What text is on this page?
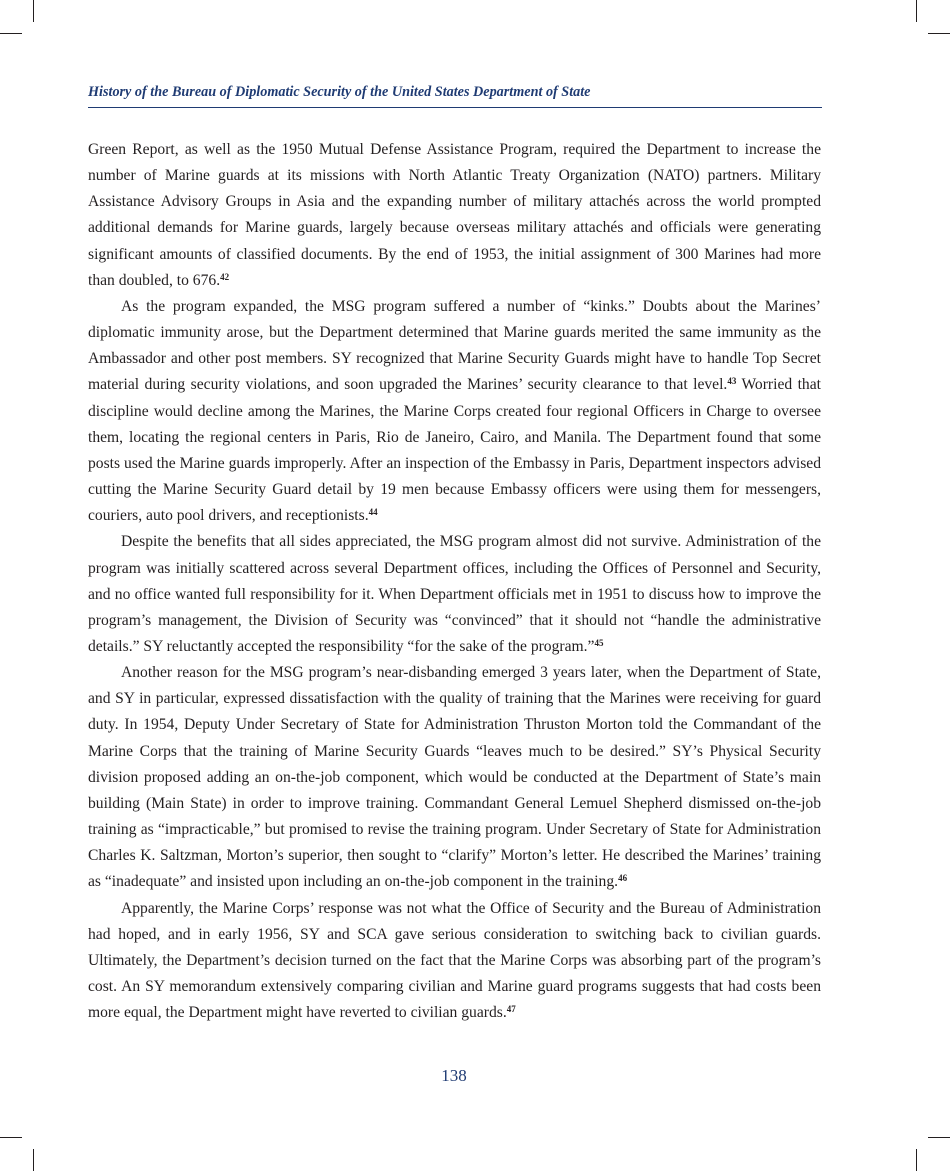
History of the Bureau of Diplomatic Security of the United States Department of State

Green Report, as well as the 1950 Mutual Defense Assistance Program, required the Department to increase the number of Marine guards at its missions with North Atlantic Treaty Organization (NATO) partners. Military Assistance Advisory Groups in Asia and the expanding number of military attachés across the world prompted additional demands for Marine guards, largely because overseas military attachés and officials were generating significant amounts of classified documents. By the end of 1953, the initial assignment of 300 Marines had more than doubled, to 676.42

As the program expanded, the MSG program suffered a number of “kinks.” Doubts about the Marines’ diplomatic immunity arose, but the Department determined that Marine guards merited the same immunity as the Ambassador and other post members. SY recognized that Marine Security Guards might have to handle Top Secret material during security violations, and soon upgraded the Marines’ security clearance to that level.$^{43}$ Worried that discipline would decline among the Marines, the Marine Corps created four regional Officers in Charge to oversee them, locating the regional centers in Paris, Rio de Janeiro, Cairo, and Manila. The Department found that some posts used the Marine guards improperly. After an inspection of the Embassy in Paris, Department inspectors advised cutting the Marine Security Guard detail by 19 men because Embassy officers were using them for messengers, couriers, auto pool drivers, and receptionists.$^{44}$

Despite the benefits that all sides appreciated, the MSG program almost did not survive. Administration of the program was initially scattered across several Department offices, including the Offices of Personnel and Security, and no office wanted full responsibility for it. When Department officials met in 1951 to discuss how to improve the program’s management, the Division of Security was “convinced” that it should not “handle the administrative details.” SY reluctantly accepted the responsibility “for the sake of the program.”$^{45}$

Another reason for the MSG program’s near-disbanding emerged 3 years later, when the Department of State, and SY in particular, expressed dissatisfaction with the quality of training that the Marines were receiving for guard duty. In 1954, Deputy Under Secretary of State for Administration Thruston Morton told the Commandant of the Marine Corps that the training of Marine Security Guards “leaves much to be desired.” SY’s Physical Security division proposed adding an on-the-job component, which would be conducted at the Department of State’s main building (Main State) in order to improve training. Commandant General Lemuel Shepherd dismissed on-the-job training as “impracticable,” but promised to revise the training program. Under Secretary of State for Administration Charles K. Saltzman, Morton’s superior, then sought to “clarify” Morton’s letter. He described the Marines’ training as “inadequate” and insisted upon including an on-the-job component in the training.$^{46}$

Apparently, the Marine Corps’ response was not what the Office of Security and the Bureau of Administration had hoped, and in early 1956, SY and SCA gave serious consideration to switching back to civilian guards. Ultimately, the Department’s decision turned on the fact that the Marine Corps was absorbing part of the program’s cost. An SY memorandum extensively comparing civilian and Marine guard programs suggests that had costs been more equal, the Department might have reverted to civilian guards.$^{47}$

138
